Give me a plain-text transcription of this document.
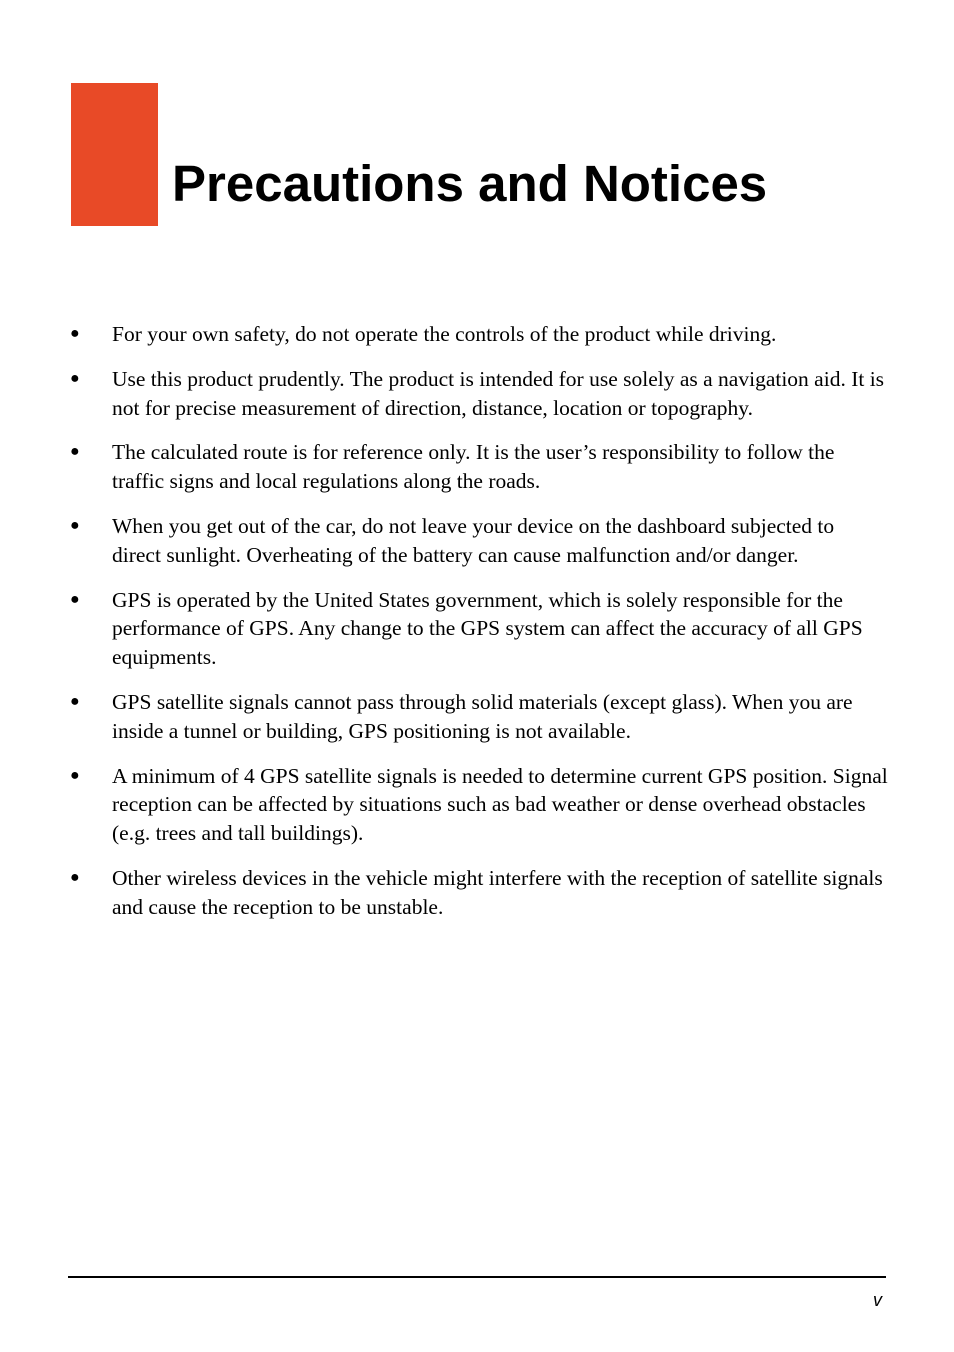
Precautions and Notices
● For your own safety, do not operate the controls of the product while driving.
● Use this product prudently. The product is intended for use solely as a navigation aid. It is not for precise measurement of direction, distance, location or topography.
● The calculated route is for reference only. It is the user’s responsibility to follow the traffic signs and local regulations along the roads.
● When you get out of the car, do not leave your device on the dashboard subjected to direct sunlight. Overheating of the battery can cause malfunction and/or danger.
● GPS is operated by the United States government, which is solely responsible for the performance of GPS. Any change to the GPS system can affect the accuracy of all GPS equipments.
● GPS satellite signals cannot pass through solid materials (except glass). When you are inside a tunnel or building, GPS positioning is not available.
● A minimum of 4 GPS satellite signals is needed to determine current GPS position. Signal reception can be affected by situations such as bad weather or dense overhead obstacles (e.g. trees and tall buildings).
● Other wireless devices in the vehicle might interfere with the reception of satellite signals and cause the reception to be unstable.
v
